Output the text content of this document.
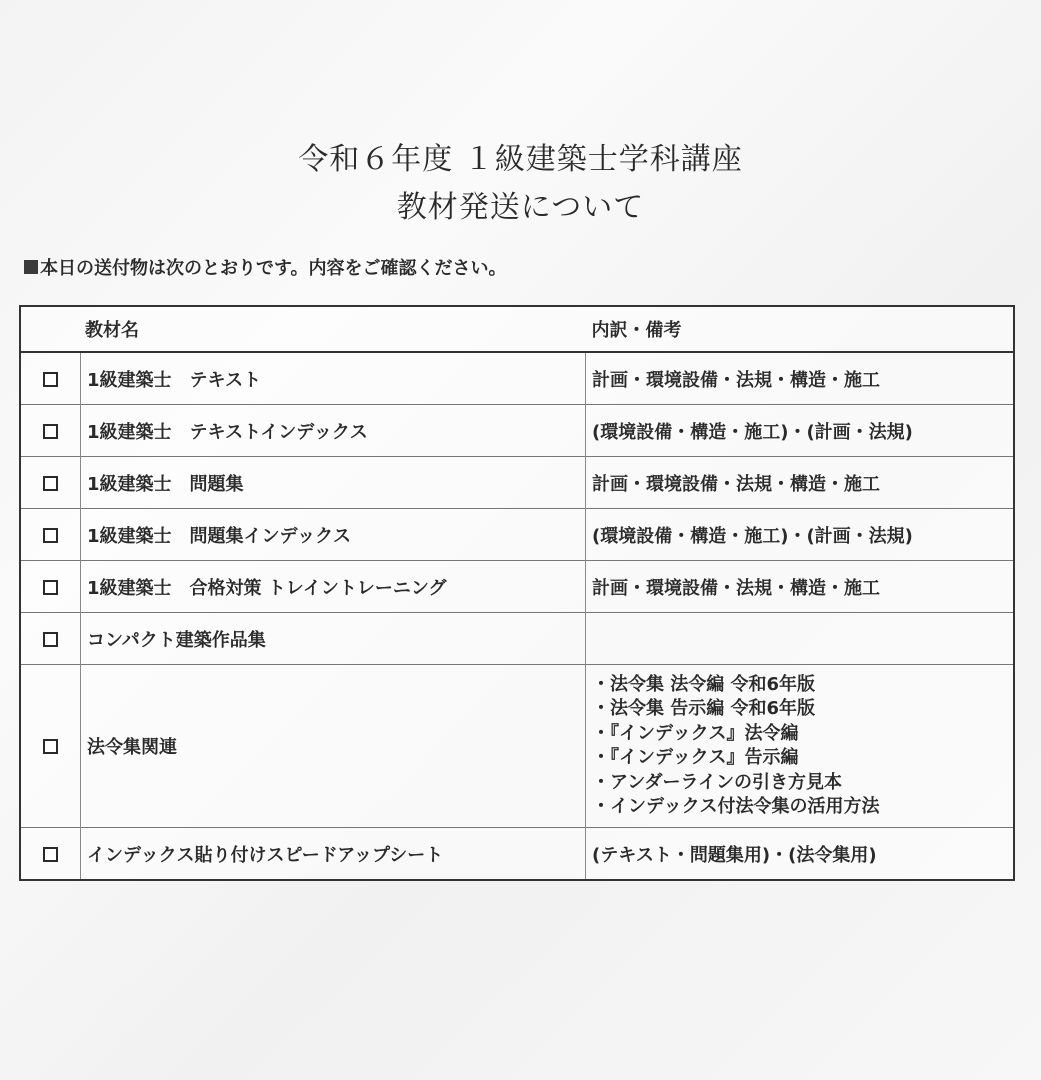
令和６年度 １級建築士学科講座
教材発送について
本日の送付物は次のとおりです。内容をご確認ください。
教材名		内訳・備考
	1級建築士　テキスト	計画・環境設備・法規・構造・施工
	1級建築士　テキストインデックス	(環境設備・構造・施工)・(計画・法規)
	1級建築士　問題集	計画・環境設備・法規・構造・施工
	1級建築士　問題集インデックス	(環境設備・構造・施工)・(計画・法規)
	1級建築士　合格対策 トレイントレーニング	計画・環境設備・法規・構造・施工
	コンパクト建築作品集	
	法令集関連	
・法令集 法令編 令和6年版
・法令集 告示編 令和6年版
・『インデックス』法令編
・『インデックス』告示編
・アンダーラインの引き方見本
・インデックス付法令集の活用方法

	インデックス貼り付けスピードアップシート	(テキスト・問題集用)・(法令集用)
